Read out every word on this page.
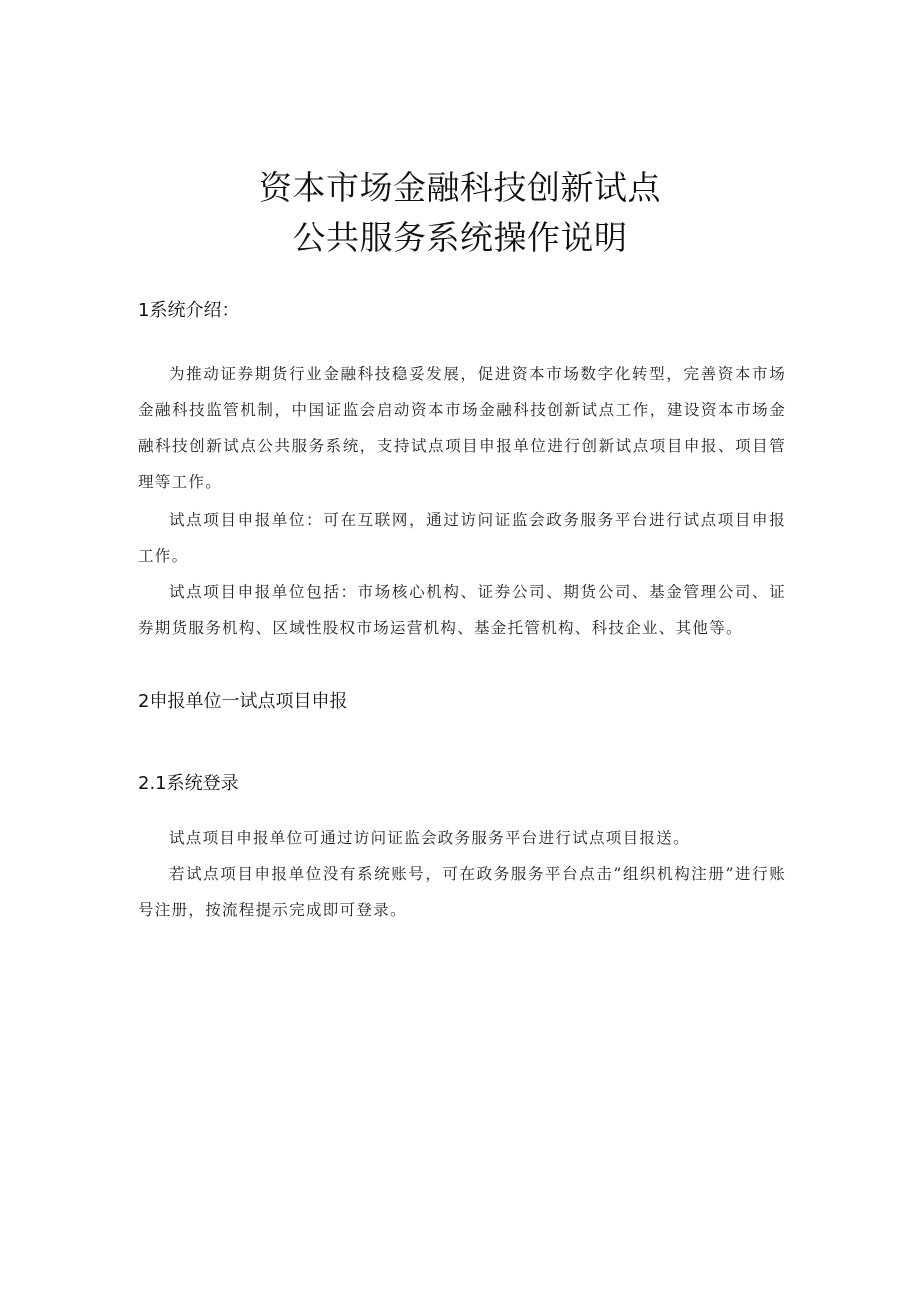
资本市场金融科技创新试点
公共服务系统操作说明
1系统介绍：

为推动证券期货行业金融科技稳妥发展，促进资本市场数字化转型，完善资本市场金融科技监管机制，中国证监会启动资本市场金融科技创新试点工作，建设资本市场金融科技创新试点公共服务系统，支持试点项目申报单位进行创新试点项目申报、项目管理等工作。

试点项目申报单位：可在互联网，通过访问证监会政务服务平台进行试点项目申报工作。

试点项目申报单位包括：市场核心机构、证券公司、期货公司、基金管理公司、证券期货服务机构、区域性股权市场运营机构、基金托管机构、科技企业、其他等。

2申报单位一试点项目申报
2.1系统登录

试点项目申报单位可通过访问证监会政务服务平台进行试点项目报送。

若试点项目申报单位没有系统账号，可在政务服务平台点击”组织机构注册”进行账号注册，按流程提示完成即可登录。
